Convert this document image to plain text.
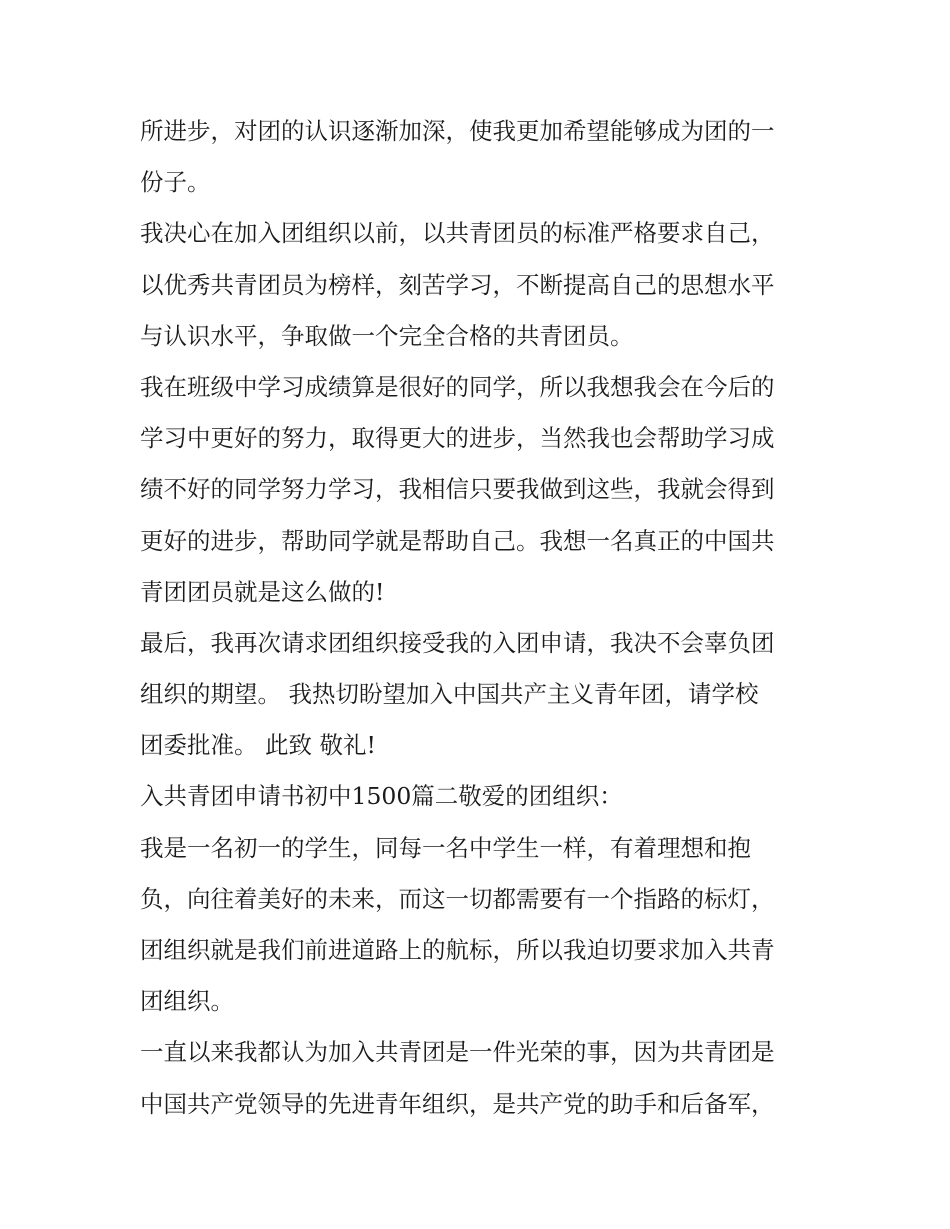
所进步，对团的认识逐渐加深，使我更加希望能够成为团的一
份子。
我决心在加入团组织以前，以共青团员的标准严格要求自己，
以优秀共青团员为榜样，刻苦学习，不断提高自己的思想水平
与认识水平，争取做一个完全合格的共青团员。
我在班级中学习成绩算是很好的同学，所以我想我会在今后的
学习中更好的努力，取得更大的进步，当然我也会帮助学习成
绩不好的同学努力学习，我相信只要我做到这些，我就会得到
更好的进步，帮助同学就是帮助自己。我想一名真正的中国共
青团团员就是这么做的!
最后，我再次请求团组织接受我的入团申请，我决不会辜负团
组织的期望。 我热切盼望加入中国共产主义青年团，请学校
团委批准。 此致 敬礼!
入共青团申请书初中1500篇二敬爱的团组织：
我是一名初一的学生，同每一名中学生一样，有着理想和抱
负，向往着美好的未来，而这一切都需要有一个指路的标灯，
团组织就是我们前进道路上的航标，所以我迫切要求加入共青
团组织。
一直以来我都认为加入共青团是一件光荣的事，因为共青团是
中国共产党领导的先进青年组织，是共产党的助手和后备军，
